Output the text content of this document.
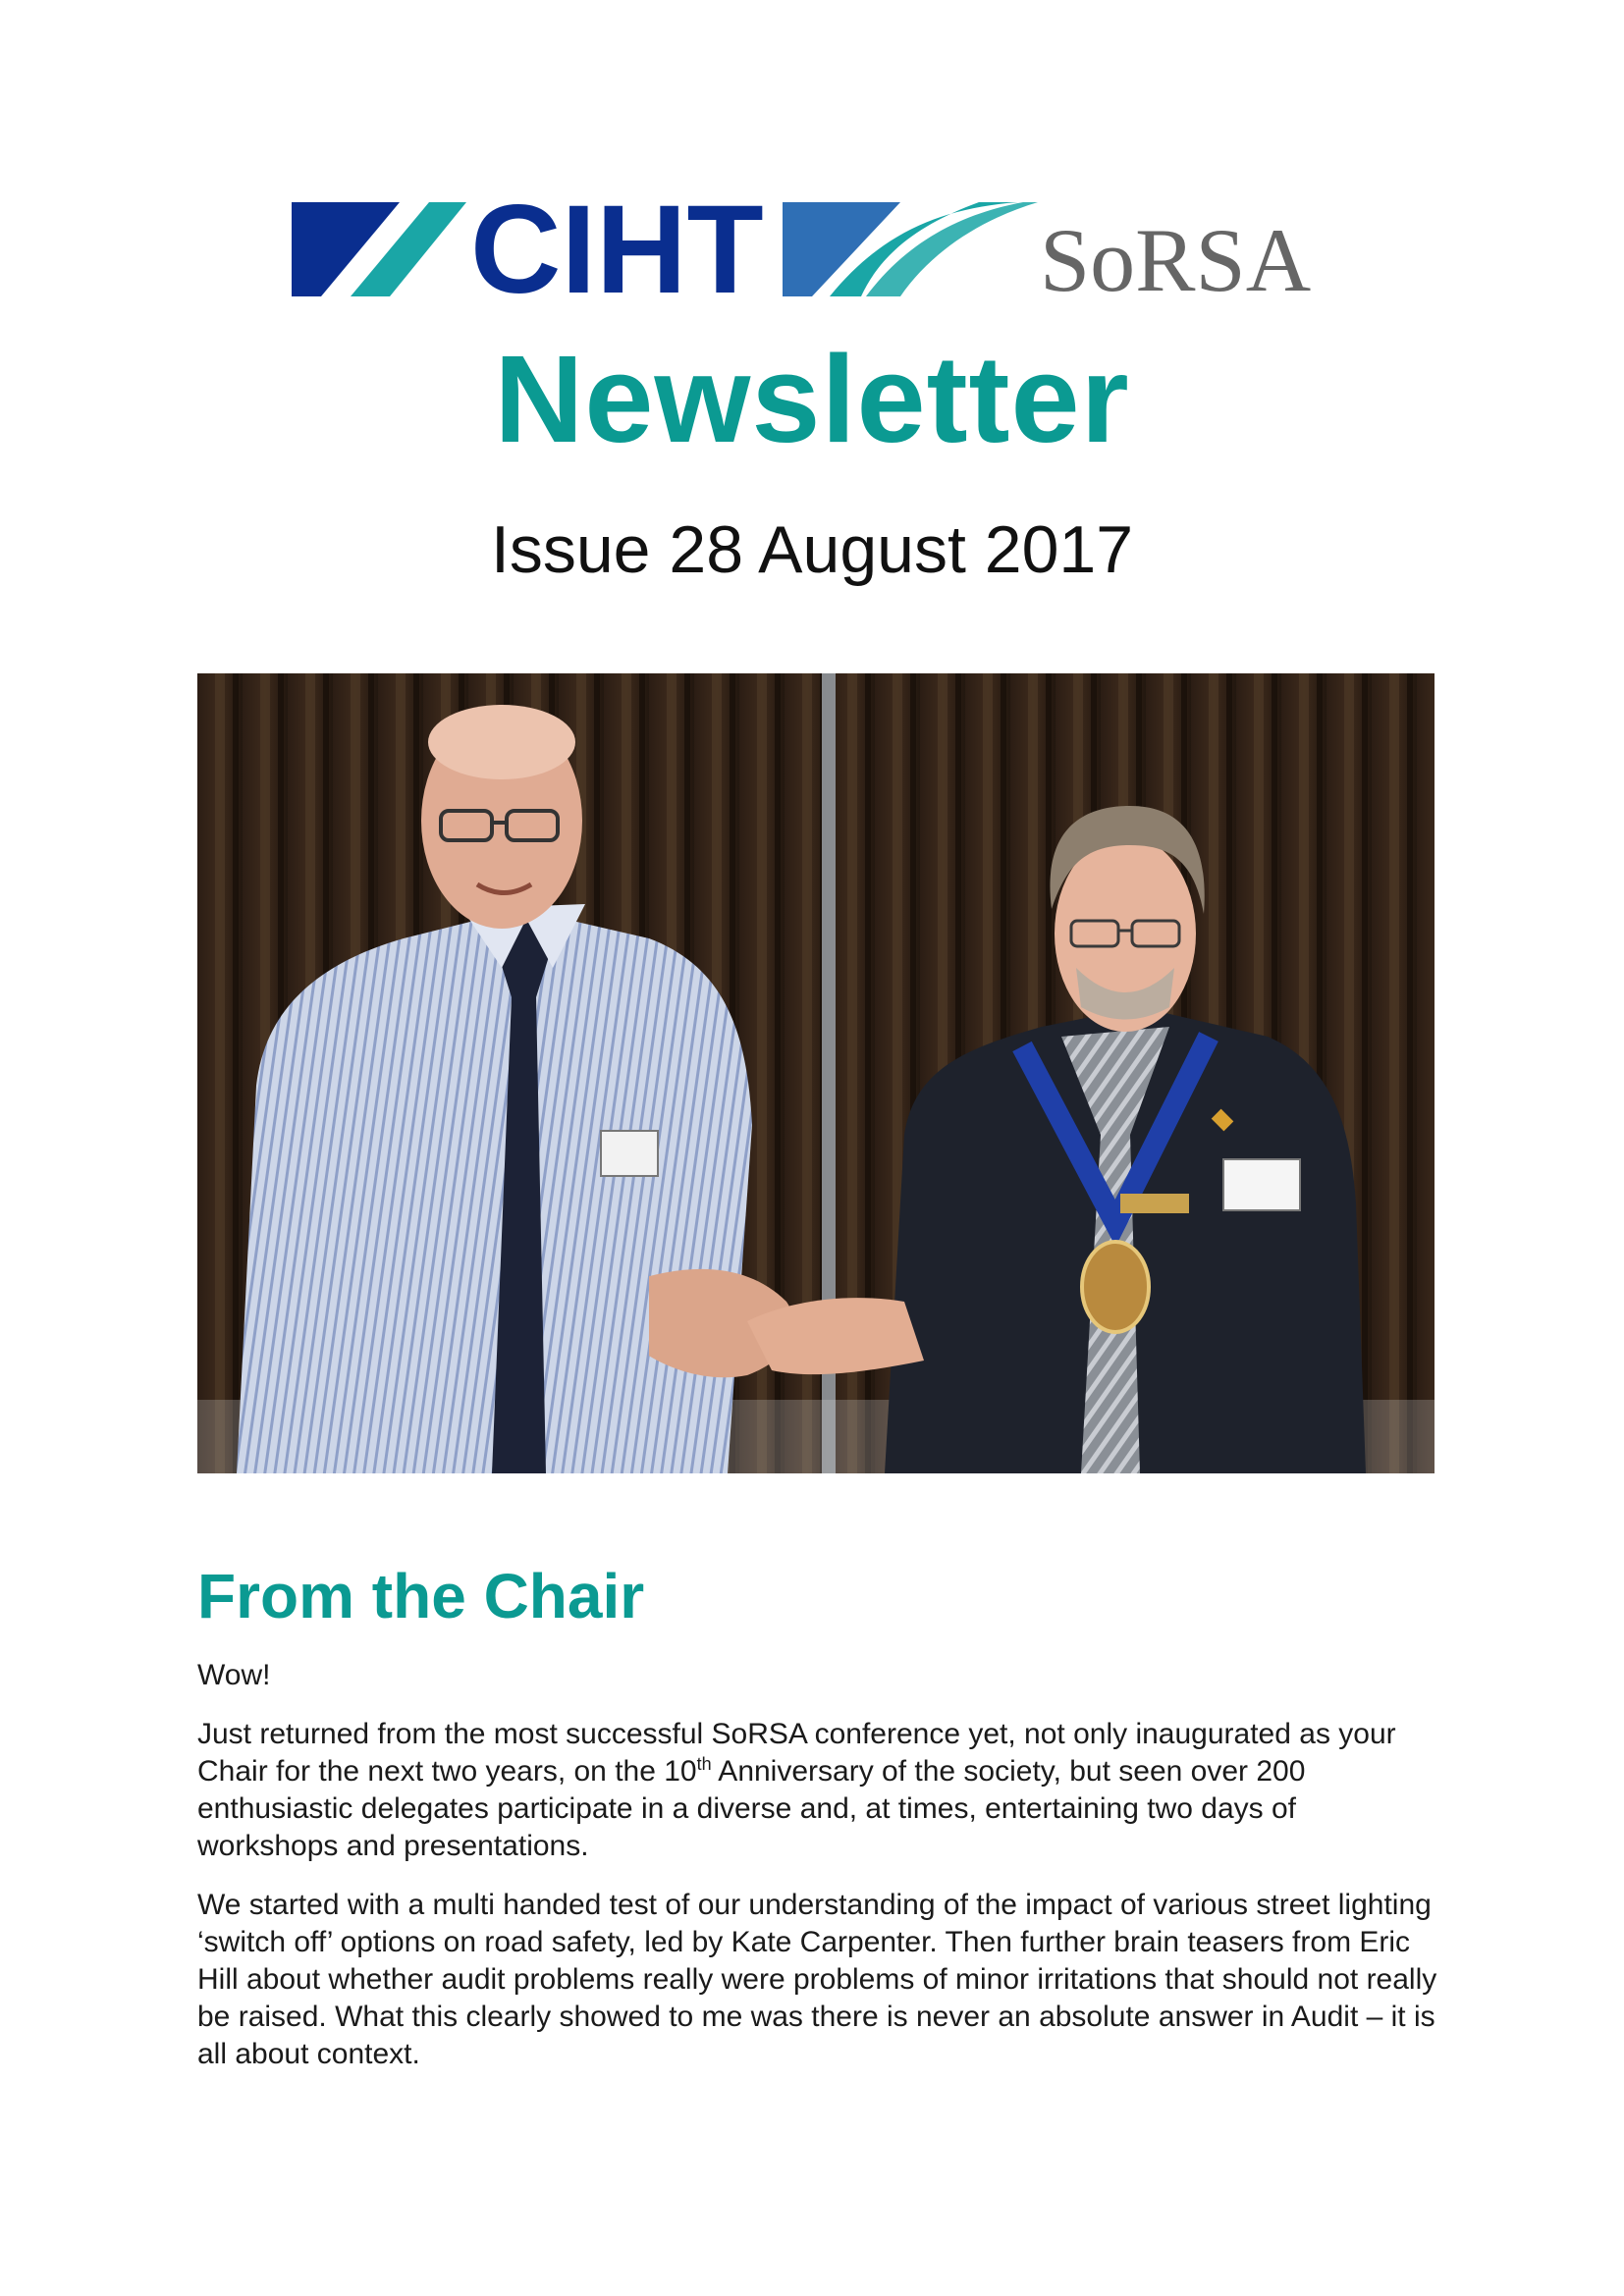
CIHT	SoRSA
Newsletter

Issue 28 August 2017

From the Chair

Wow!

Just returned from the most successful SoRSA conference yet, not only inaugurated as your Chair for the next two years, on the 10th Anniversary of the society, but seen over 200 enthusiastic delegates participate in a diverse and, at times, entertaining two days of workshops and presentations.

We started with a multi handed test of our understanding of the impact of various street lighting ‘switch off’ options on road safety, led by Kate Carpenter. Then further brain teasers from Eric Hill about whether audit problems really were problems of minor irritations that should not really be raised. What this clearly showed to me was there is never an absolute answer in Audit – it is all about context.
